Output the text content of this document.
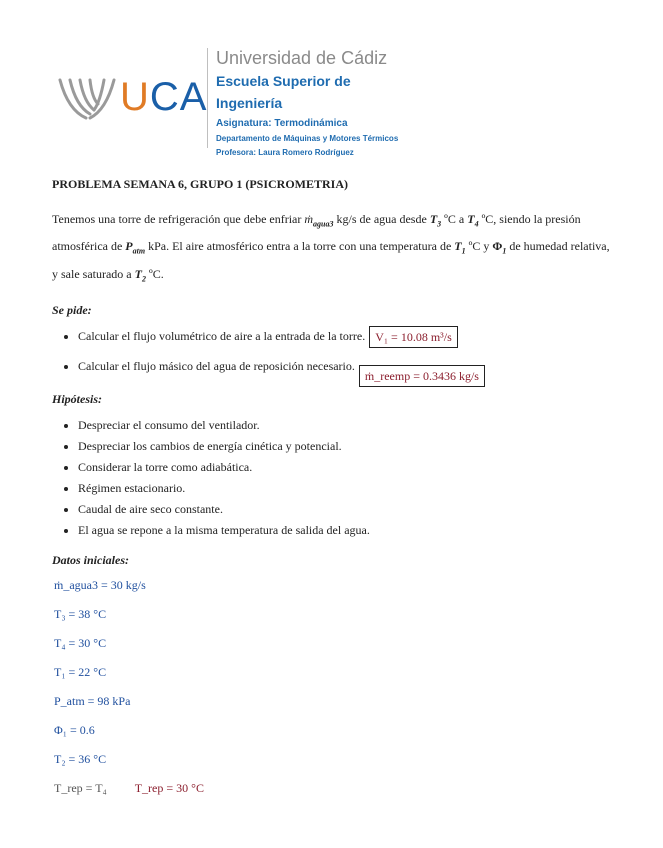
UCA
Universidad de Cádiz
Escuela Superior de Ingeniería
Asignatura: Termodinámica
Departamento de Máquinas y Motores Térmicos
Profesora: Laura Romero Rodríguez
PROBLEMA SEMANA 6, GRUPO 1 (PSICROMETRIA)

Tenemos una torre de refrigeración que debe enfriar ṁ$_{agua3}$ kg/s de agua desde $T_3$ ºC a $T_4$ ºC, siendo la presión atmosférica de $P_{atm}$ kPa. El aire atmosférico entra a la torre con una temperatura de $T_1$ ºC y $\Phi_1$ de humedad relativa, y sale saturado a $T_2$ ºC.

Se pide:
• Calcular el flujo volumétrico de aire a la entrada de la torre. V₁ = 10.08 m³/s
• Calcular el flujo másico del agua de reposición necesario.ṁ_reemp = 0.3436 kg/s
Hipótesis:
• Despreciar el consumo del ventilador.
• Despreciar los cambios de energía cinética y potencial.
• Considerar la torre como adiabática.
• Régimen estacionario.
• Caudal de aire seco constante.
• El agua se repone a la misma temperatura de salida del agua.
Datos iniciales:
ṁ_agua3 = 30 kg/s
T₃ = 38 °C
T₄ = 30 °C
T₁ = 22 °C
P_atm = 98 kPa
Φ₁ = 0.6
T₂ = 36 °C
T_rep = T₄ T_rep = 30 °C
